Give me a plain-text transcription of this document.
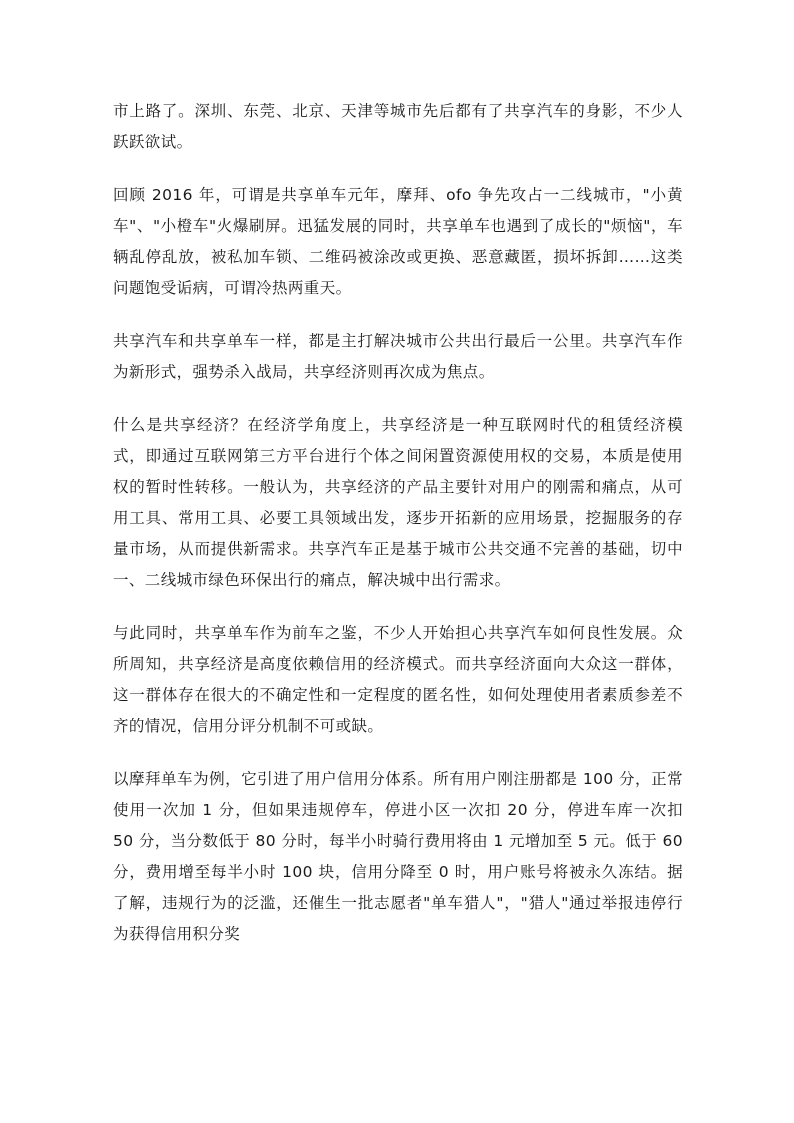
市上路了。深圳、东莞、北京、天津等城市先后都有了共享汽车的身影，不少人跃跃欲试。

回顾 2016 年，可谓是共享单车元年，摩拜、ofo 争先攻占一二线城市，"小黄车"、"小橙车"火爆刷屏。迅猛发展的同时，共享单车也遇到了成长的"烦恼"，车辆乱停乱放，被私加车锁、二维码被涂改或更换、恶意藏匿，损坏拆卸……这类问题饱受诟病，可谓冷热两重天。

共享汽车和共享单车一样，都是主打解决城市公共出行最后一公里。共享汽车作为新形式，强势杀入战局，共享经济则再次成为焦点。

什么是共享经济？在经济学角度上，共享经济是一种互联网时代的租赁经济模式，即通过互联网第三方平台进行个体之间闲置资源使用权的交易，本质是使用权的暂时性转移。一般认为，共享经济的产品主要针对用户的刚需和痛点，从可用工具、常用工具、必要工具领域出发，逐步开拓新的应用场景，挖掘服务的存量市场，从而提供新需求。共享汽车正是基于城市公共交通不完善的基础，切中一、二线城市绿色环保出行的痛点，解决城中出行需求。

与此同时，共享单车作为前车之鉴，不少人开始担心共享汽车如何良性发展。众所周知，共享经济是高度依赖信用的经济模式。而共享经济面向大众这一群体，这一群体存在很大的不确定性和一定程度的匿名性，如何处理使用者素质参差不齐的情况，信用分评分机制不可或缺。

以摩拜单车为例，它引进了用户信用分体系。所有用户刚注册都是 100 分，正常使用一次加 1 分，但如果违规停车，停进小区一次扣 20 分，停进车库一次扣 50 分，当分数低于 80 分时，每半小时骑行费用将由 1 元增加至 5 元。低于 60 分，费用增至每半小时 100 块，信用分降至 0 时，用户账号将被永久冻结。据了解，违规行为的泛滥，还催生一批志愿者"单车猎人"，"猎人"通过举报违停行为获得信用积分奖
